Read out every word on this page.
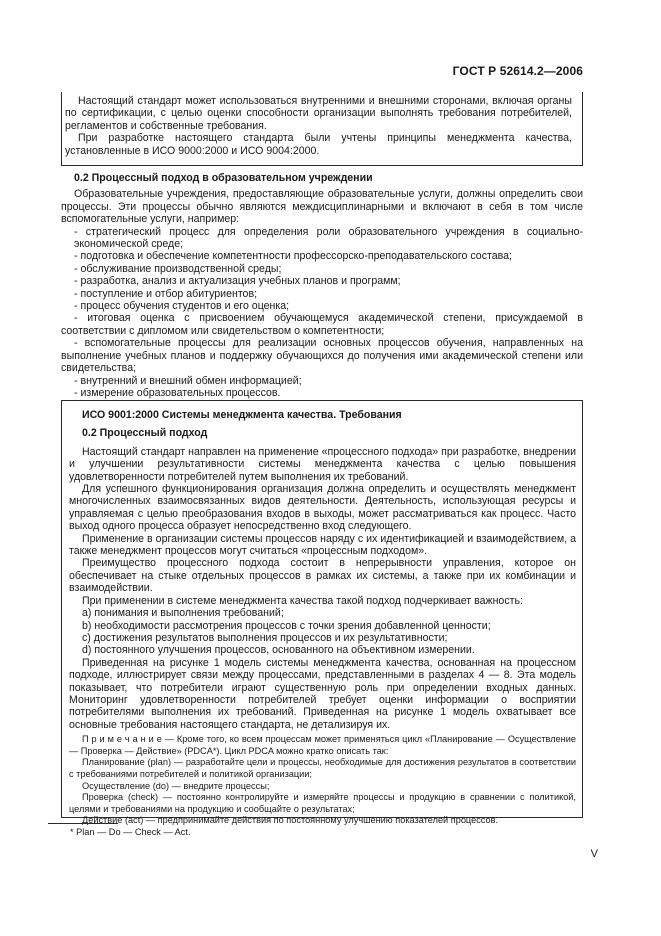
ГОСТ Р 52614.2—2006

Настоящий стандарт может использоваться внутренними и внешними сторонами, включая органы по сертификации, с целью оценки способности организации выполнять требования потребителей, регламентов и собственные требования.

При разработке настоящего стандарта были учтены принципы менеджмента качества, установленные в ИСО 9000:2000 и ИСО 9004:2000.

0.2 Процессный подход в образовательном учреждении

Образовательные учреждения, предоставляющие образовательные услуги, должны определить свои процессы. Эти процессы обычно являются междисциплинарными и включают в себя в том числе вспомогательные услуги, например:

- стратегический процесс для определения роли образовательного учреждения в социально-экономической среде;

- подготовка и обеспечение компетентности профессорско-преподавательского состава;

- обслуживание производственной среды;

- разработка, анализ и актуализация учебных планов и программ;

- поступление и отбор абитуриентов;

- процесс обучения студентов и его оценка;

- итоговая оценка с присвоением обучающемуся академической степени, присуждаемой в соответствии с дипломом или свидетельством о компетентности;

- вспомогательные процессы для реализации основных процессов обучения, направленных на выполнение учебных планов и поддержку обучающихся до получения ими академической степени или свидетельства;

- внутренний и внешний обмен информацией;

- измерение образовательных процессов.

ИСО 9001:2000 Системы менеджмента качества. Требования

0.2 Процессный подход

Настоящий стандарт направлен на применение «процессного подхода» при разработке, внедрении и улучшении результативности системы менеджмента качества с целью повышения удовлетворенности потребителей путем выполнения их требований.

Для успешного функционирования организация должна определить и осуществлять менеджмент многочисленных взаимосвязанных видов деятельности. Деятельность, использующая ресурсы и управляемая с целью преобразования входов в выходы, может рассматриваться как процесс. Часто выход одного процесса образует непосредственно вход следующего.

Применение в организации системы процессов наряду с их идентификацией и взаимодействием, а также менеджмент процессов могут считаться «процессным подходом».

Преимущество процессного подхода состоит в непрерывности управления, которое он обеспечивает на стыке отдельных процессов в рамках их системы, а также при их комбинации и взаимодействии.

При применении в системе менеджмента качества такой подход подчеркивает важность:

а) понимания и выполнения требований;

b) необходимости рассмотрения процессов с точки зрения добавленной ценности;

c) достижения результатов выполнения процессов и их результативности;

d) постоянного улучшения процессов, основанного на объективном измерении.

Приведенная на рисунке 1 модель системы менеджмента качества, основанная на процессном подходе, иллюстрирует связи между процессами, представленными в разделах 4 — 8. Эта модель показывает, что потребители играют существенную роль при определении входных данных. Мониторинг удовлетворенности потребителей требует оценки информации о восприятии потребителями выполнения их требований. Приведенная на рисунке 1 модель охватывает все основные требования настоящего стандарта, не детализируя их.

П р и м е ч а н и е — Кроме того, ко всем процессам может применяться цикл «Планирование — Осуществление — Проверка — Действие» (PDCA*). Цикл PDCA можно кратко описать так:

Планирование (plan) — разработайте цели и процессы, необходимые для достижения результатов в соответствии с требованиями потребителей и политикой организации;

Осуществление (do) — внедрите процессы;

Проверка (check) — постоянно контролируйте и измеряйте процессы и продукцию в сравнении с политикой, целями и требованиями на продукцию и сообщайте о результатах;

Действие (act) — предпринимайте действия по постоянному улучшению показателей процессов.

* Plan — Do — Check — Act.
V
